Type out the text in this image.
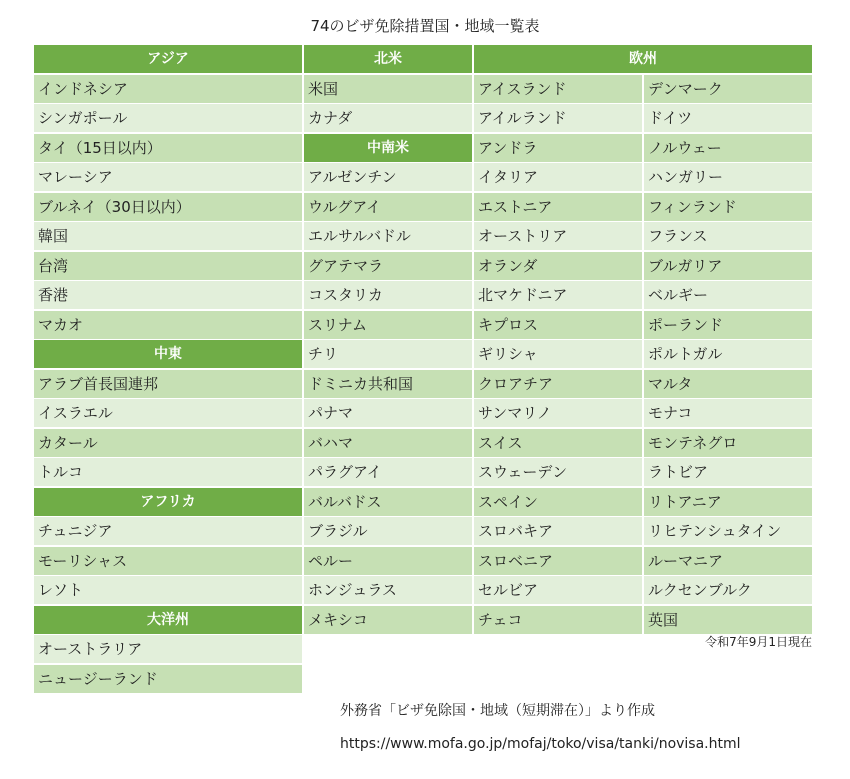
74のビザ免除措置国・地域一覧表
アジア
インドネシア
シンガポール
タイ（15日以内）
マレーシア
ブルネイ（30日以内）
韓国
台湾
香港
マカオ
中東
アラブ首長国連邦
イスラエル
カタール
トルコ
アフリカ
チュニジア
モーリシャス
レソト
大洋州
オーストラリア
ニュージーランド
北米
米国
カナダ
中南米
アルゼンチン
ウルグアイ
エルサルバドル
グアテマラ
コスタリカ
スリナム
チリ
ドミニカ共和国
パナマ
バハマ
パラグアイ
バルバドス
ブラジル
ペルー
ホンジュラス
メキシコ
欧州
アイスランド
アイルランド
アンドラ
イタリア
エストニア
オーストリア
オランダ
北マケドニア
キプロス
ギリシャ
クロアチア
サンマリノ
スイス
スウェーデン
スペイン
スロバキア
スロベニア
セルビア
チェコ
デンマーク
ドイツ
ノルウェー
ハンガリー
フィンランド
フランス
ブルガリア
ベルギー
ポーランド
ポルトガル
マルタ
モナコ
モンテネグロ
ラトビア
リトアニア
リヒテンシュタイン
ルーマニア
ルクセンブルク
英国
令和7年9月1日現在
外務省「ビザ免除国・地域（短期滞在）」より作成
https://www.mofa.go.jp/mofaj/toko/visa/tanki/novisa.html
